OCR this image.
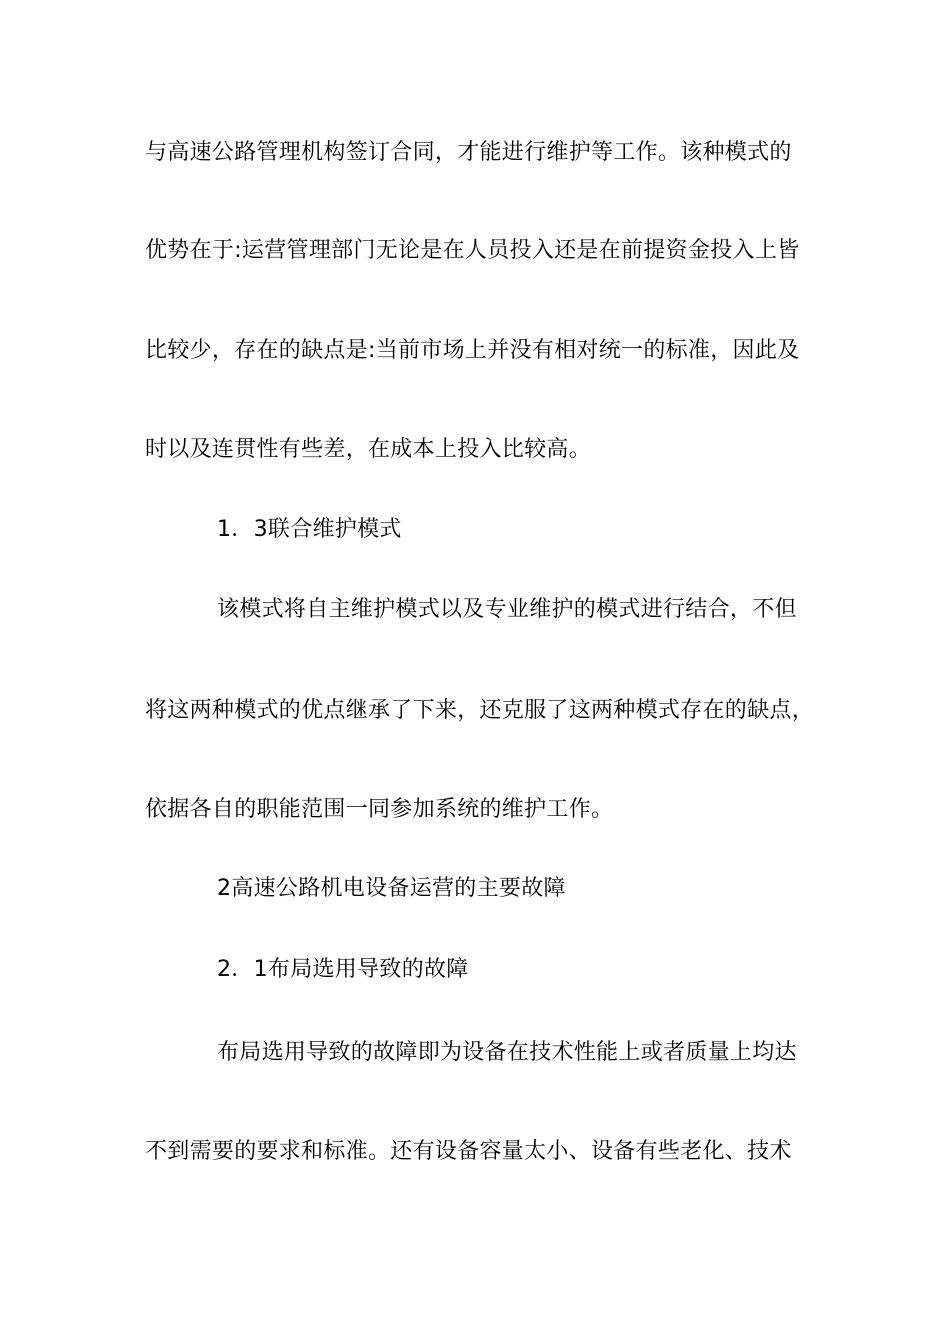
与高速公路管理机构签订合同，才能进行维护等工作。该种模式的
优势在于:运营管理部门无论是在人员投入还是在前提资金投入上皆
比较少，存在的缺点是:当前市场上并没有相对统一的标准，因此及
时以及连贯性有些差，在成本上投入比较高。
1．3联合维护模式
该模式将自主维护模式以及专业维护的模式进行结合，不但
将这两种模式的优点继承了下来，还克服了这两种模式存在的缺点，
依据各自的职能范围一同参加系统的维护工作。
2高速公路机电设备运营的主要故障
2．1布局选用导致的故障
布局选用导致的故障即为设备在技术性能上或者质量上均达
不到需要的要求和标准。还有设备容量太小、设备有些老化、技术
